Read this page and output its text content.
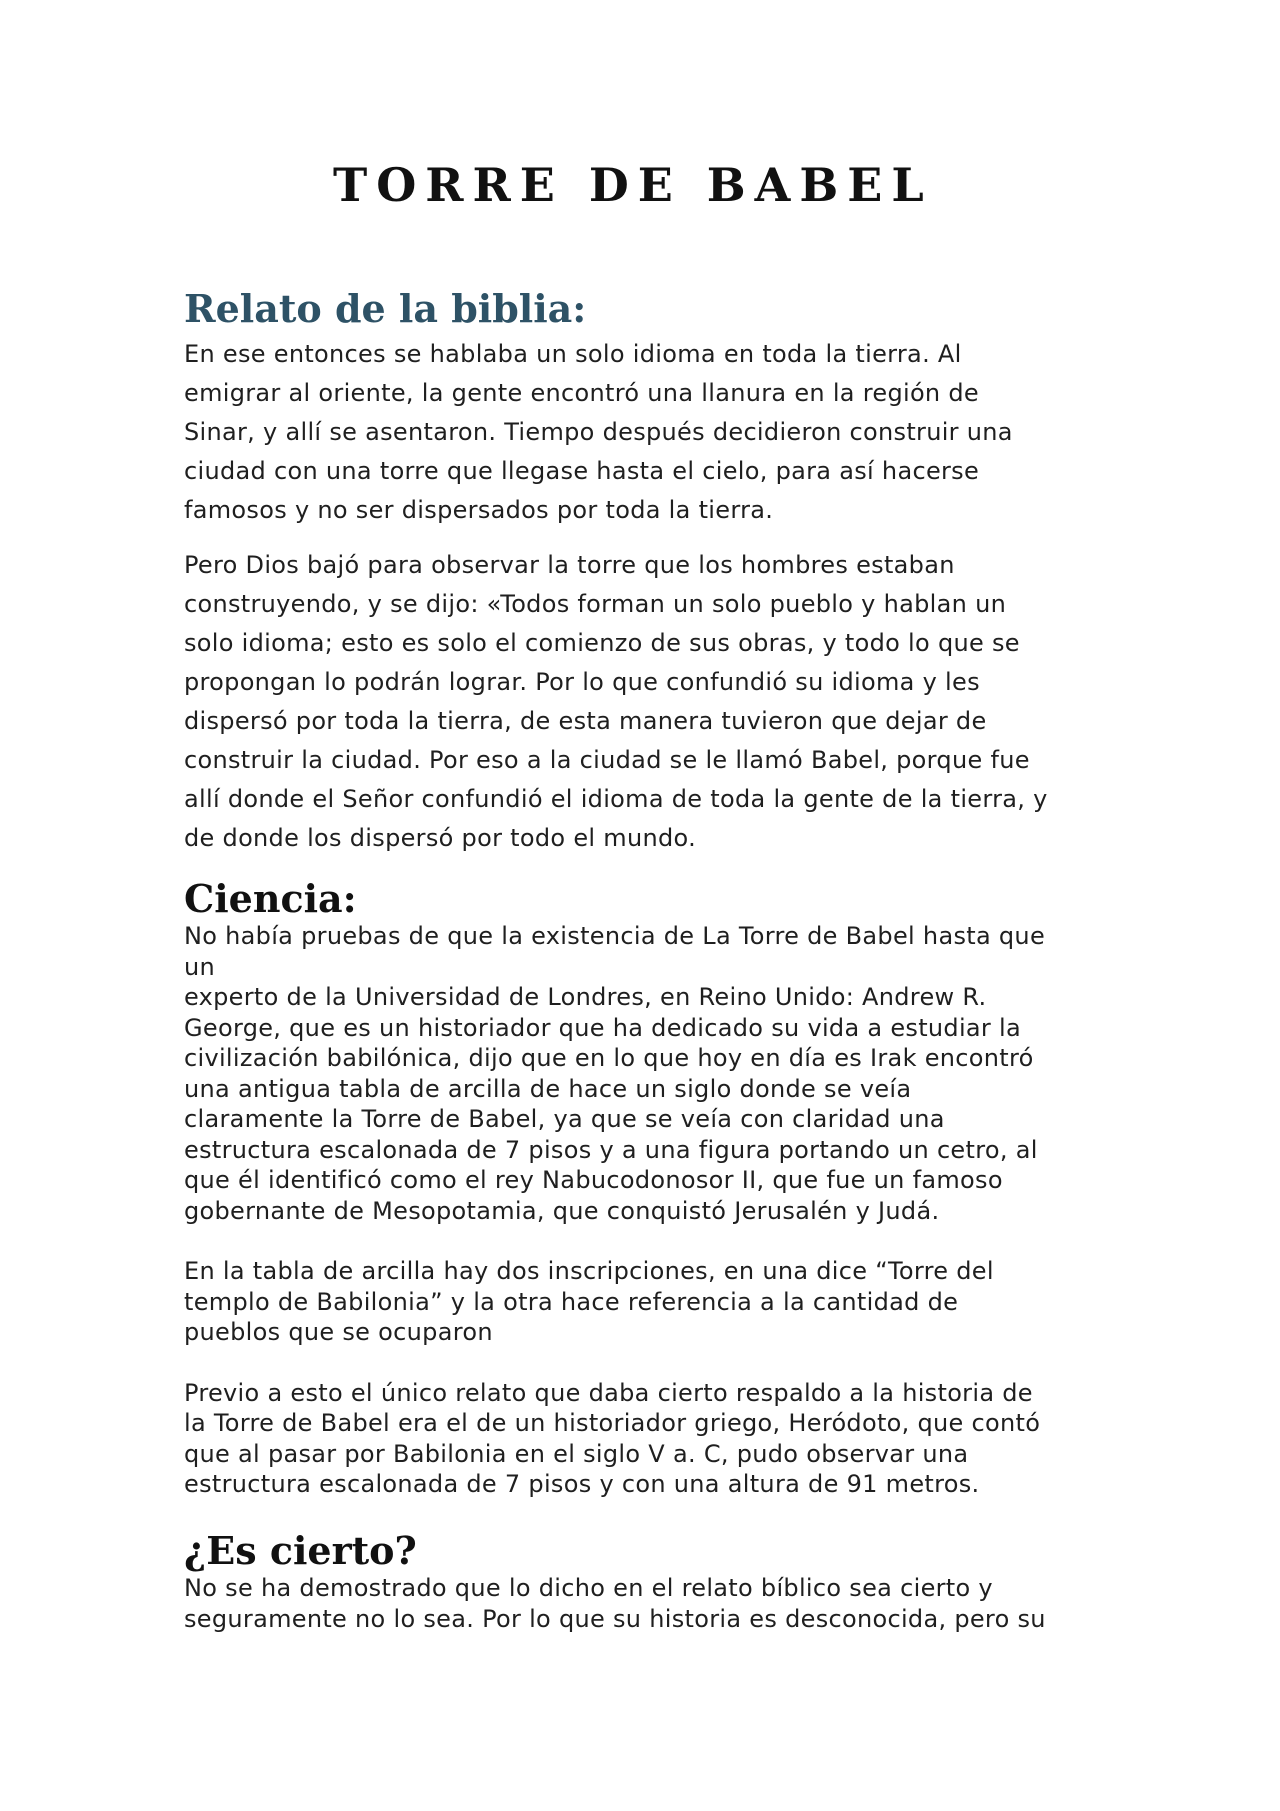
TORRE DE BABEL
Relato de la biblia:

En ese entonces se hablaba un solo idioma en toda la tierra. Al
emigrar al oriente, la gente encontró una llanura en la región de
Sinar, y allí se asentaron. Tiempo después decidieron construir una
ciudad con una torre que llegase hasta el cielo, para así hacerse
famosos y no ser dispersados por toda la tierra.

Pero Dios bajó para observar la torre que los hombres estaban
construyendo, y se dijo: «Todos forman un solo pueblo y hablan un
solo idioma; esto es solo el comienzo de sus obras, y todo lo que se
propongan lo podrán lograr. Por lo que confundió su idioma y les
dispersó por toda la tierra, de esta manera tuvieron que dejar de
construir la ciudad. Por eso a la ciudad se le llamó Babel, porque fue
allí donde el Señor confundió el idioma de toda la gente de la tierra, y
de donde los dispersó por todo el mundo.

Ciencia:

No había pruebas de que la existencia de La Torre de Babel hasta que
un
experto de la Universidad de Londres, en Reino Unido: Andrew R.
George, que es un historiador que ha dedicado su vida a estudiar la
civilización babilónica, dijo que en lo que hoy en día es Irak encontró
una antigua tabla de arcilla de hace un siglo donde se veía
claramente la Torre de Babel, ya que se veía con claridad una
estructura escalonada de 7 pisos y a una figura portando un cetro, al
que él identificó como el rey Nabucodonosor II, que fue un famoso
gobernante de Mesopotamia, que conquistó Jerusalén y Judá.

En la tabla de arcilla hay dos inscripciones, en una dice “Torre del
templo de Babilonia” y la otra hace referencia a la cantidad de
pueblos que se ocuparon

Previo a esto el único relato que daba cierto respaldo a la historia de
la Torre de Babel era el de un historiador griego, Heródoto, que contó
que al pasar por Babilonia en el siglo V a. C, pudo observar una
estructura escalonada de 7 pisos y con una altura de 91 metros.

¿Es cierto?

No se ha demostrado que lo dicho en el relato bíblico sea cierto y
seguramente no lo sea. Por lo que su historia es desconocida, pero su
